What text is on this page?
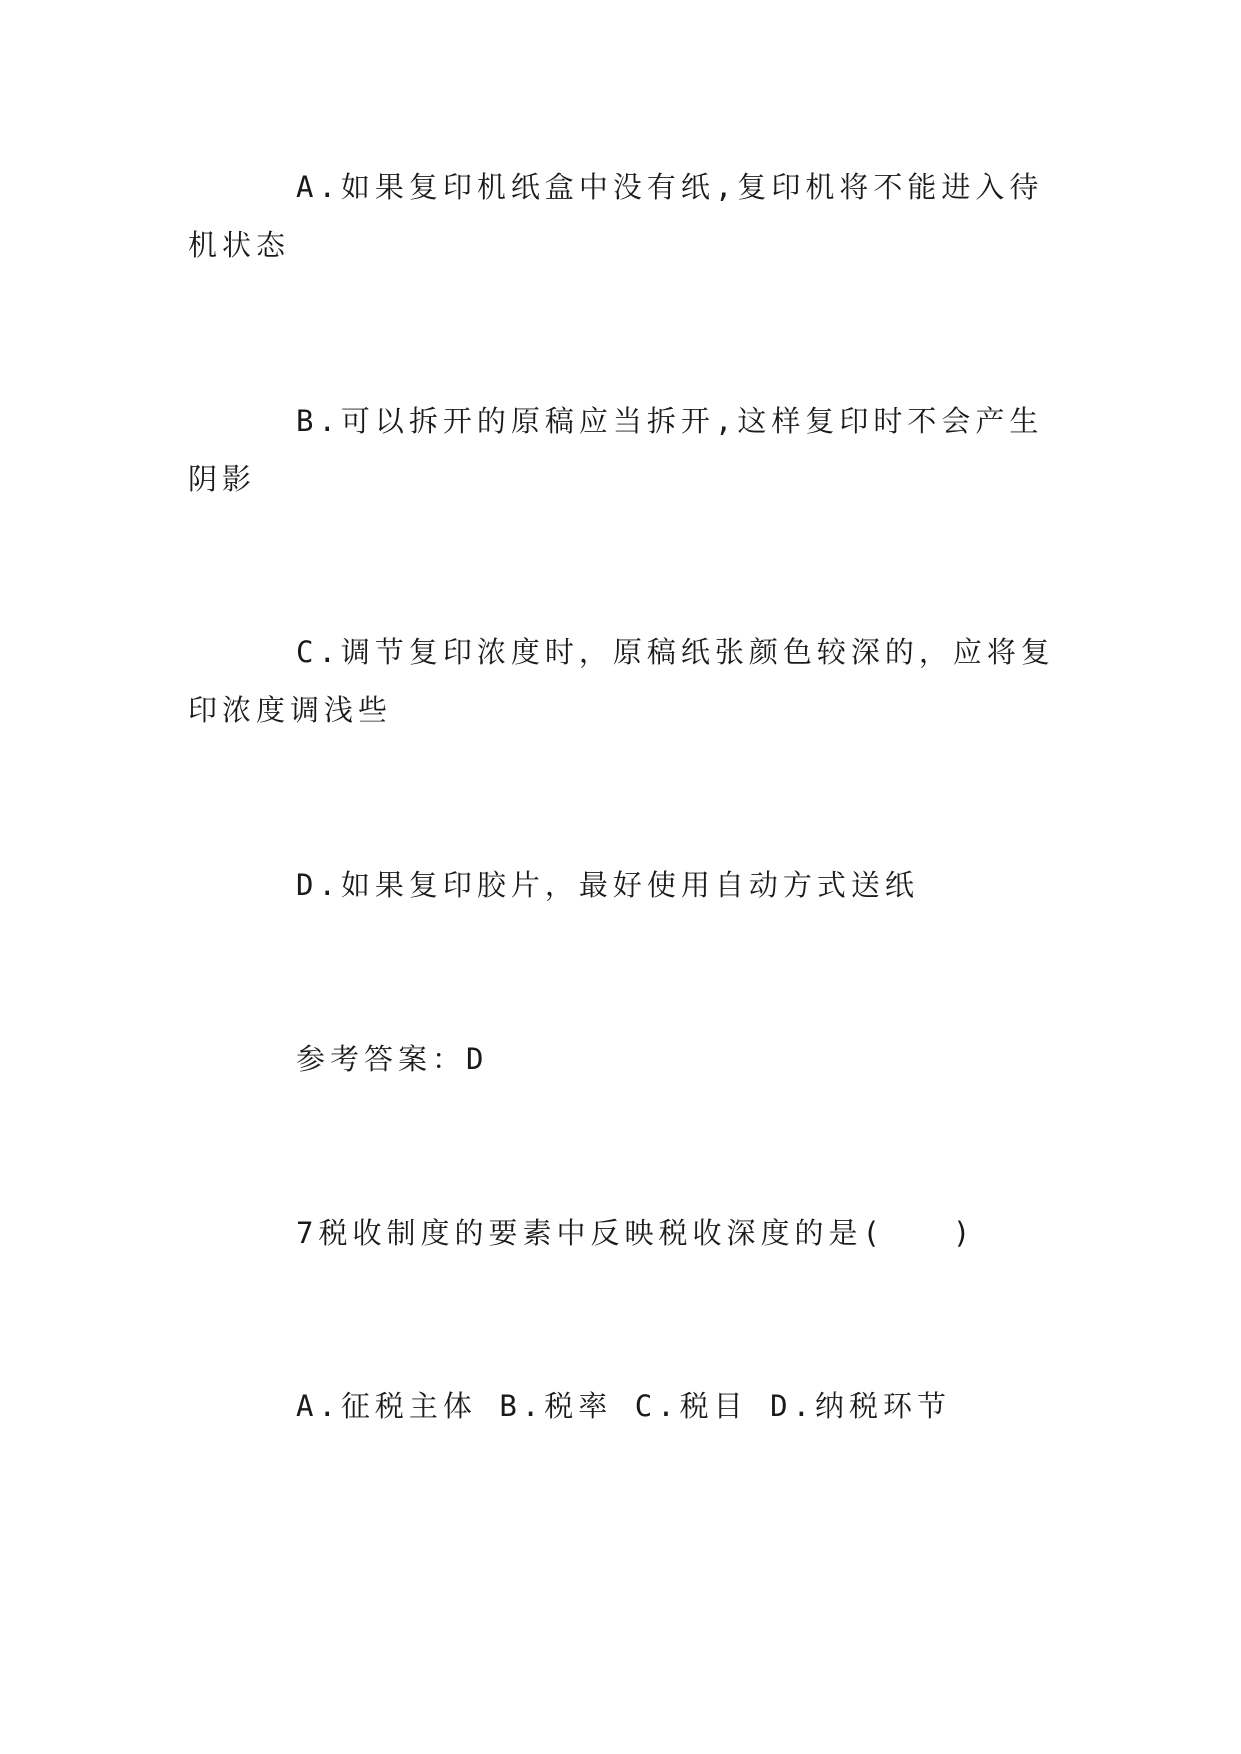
A.如果复印机纸盒中没有纸,复印机将不能进入待机状态

B.可以拆开的原稿应当拆开,这样复印时不会产生阴影

C.调节复印浓度时，原稿纸张颜色较深的，应将复印浓度调浅些

D.如果复印胶片，最好使用自动方式送纸

参考答案：D

7税收制度的要素中反映税收深度的是(　　)

A.征税主体 B.税率 C.税目 D.纳税环节
